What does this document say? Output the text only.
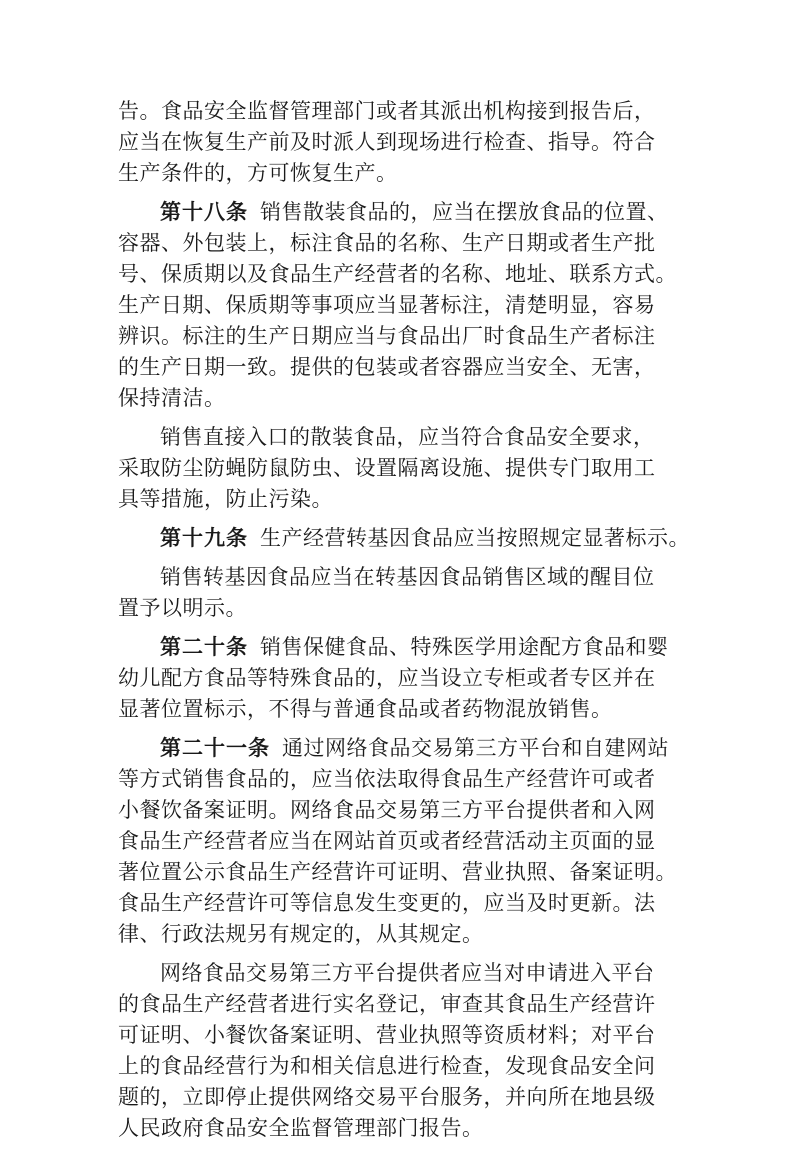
告。食品安全监督管理部门或者其派出机构接到报告后，
应当在恢复生产前及时派人到现场进行检查、指导。符合
生产条件的，方可恢复生产。
第十八条 销售散装食品的，应当在摆放食品的位置、
容器、外包装上，标注食品的名称、生产日期或者生产批
号、保质期以及食品生产经营者的名称、地址、联系方式。
生产日期、保质期等事项应当显著标注，清楚明显，容易
辨识。标注的生产日期应当与食品出厂时食品生产者标注
的生产日期一致。提供的包装或者容器应当安全、无害，
保持清洁。
销售直接入口的散装食品，应当符合食品安全要求，
采取防尘防蝇防鼠防虫、设置隔离设施、提供专门取用工
具等措施，防止污染。
第十九条 生产经营转基因食品应当按照规定显著标示。
销售转基因食品应当在转基因食品销售区域的醒目位
置予以明示。
第二十条 销售保健食品、特殊医学用途配方食品和婴
幼儿配方食品等特殊食品的，应当设立专柜或者专区并在
显著位置标示，不得与普通食品或者药物混放销售。
第二十一条 通过网络食品交易第三方平台和自建网站
等方式销售食品的，应当依法取得食品生产经营许可或者
小餐饮备案证明。网络食品交易第三方平台提供者和入网
食品生产经营者应当在网站首页或者经营活动主页面的显
著位置公示食品生产经营许可证明、营业执照、备案证明。
食品生产经营许可等信息发生变更的，应当及时更新。法
律、行政法规另有规定的，从其规定。
网络食品交易第三方平台提供者应当对申请进入平台
的食品生产经营者进行实名登记，审查其食品生产经营许
可证明、小餐饮备案证明、营业执照等资质材料；对平台
上的食品经营行为和相关信息进行检查，发现食品安全问
题的，立即停止提供网络交易平台服务，并向所在地县级
人民政府食品安全监督管理部门报告。
